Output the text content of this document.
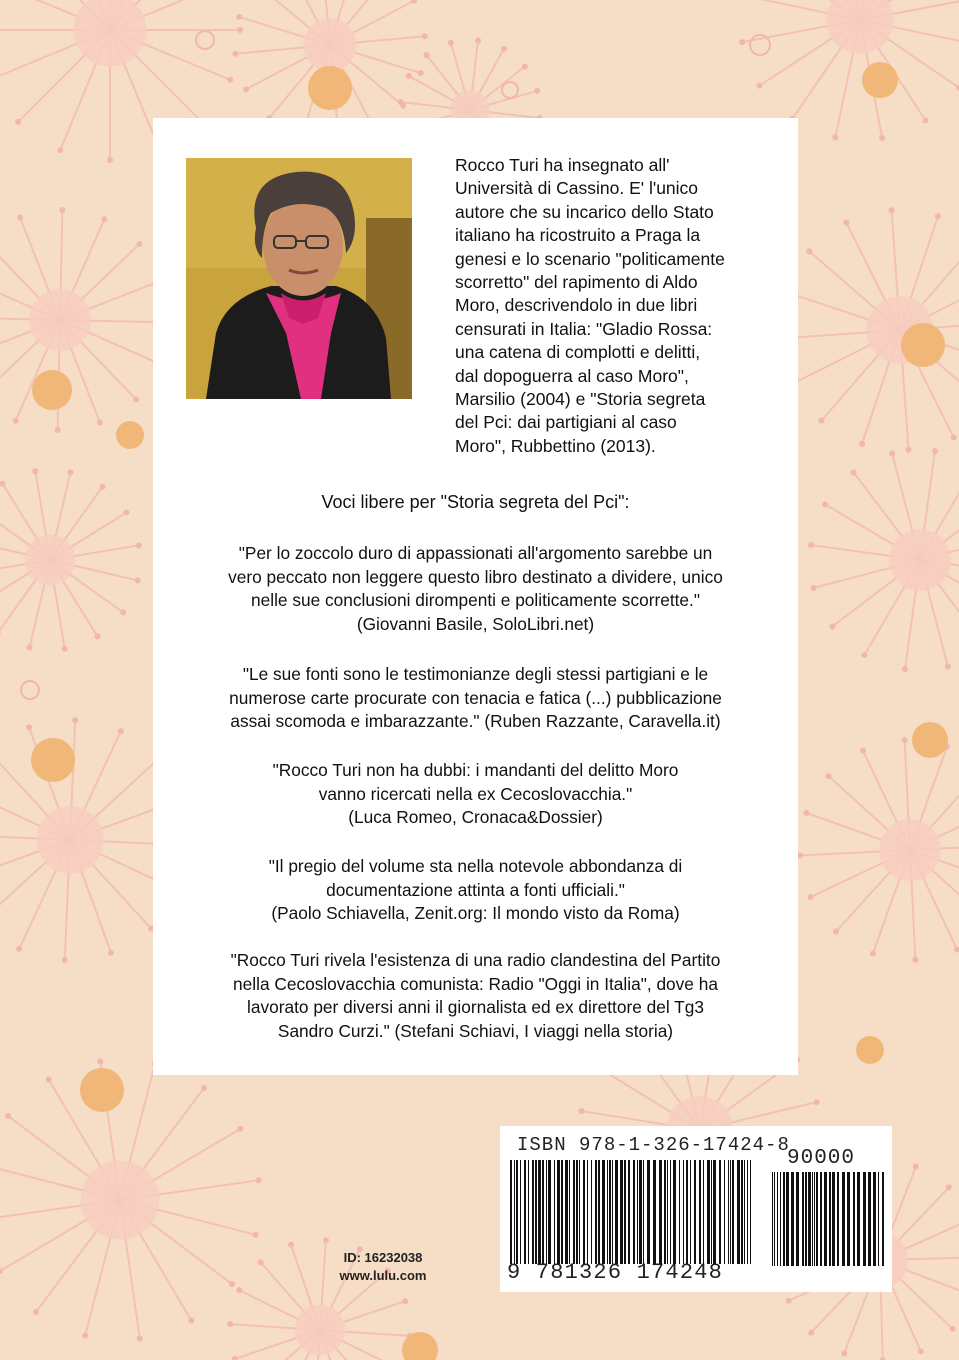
Rocco Turi ha insegnato all'
Università di Cassino. E' l'unico
autore che su incarico dello Stato
italiano ha ricostruito a Praga la
genesi e lo scenario "politicamente
scorretto" del rapimento di Aldo
Moro, descrivendolo in due libri
censurati in Italia: "Gladio Rossa:
una catena di complotti e delitti,
dal dopoguerra al caso Moro",
Marsilio (2004) e "Storia segreta
del Pci: dai partigiani al caso
Moro", Rubbettino (2013).

Voci libere per "Storia segreta del Pci":

"Per lo zoccolo duro di appassionati all'argomento sarebbe un
vero peccato non leggere questo libro destinato a dividere, unico
nelle sue conclusioni dirompenti e politicamente scorrette."
(Giovanni Basile, SoloLibri.net)

"Le sue fonti sono le testimonianze degli stessi partigiani e le
numerose carte procurate con tenacia e fatica (...) pubblicazione
assai scomoda e imbarazzante." (Ruben Razzante, Caravella.it)

"Rocco Turi non ha dubbi: i mandanti del delitto Moro
vanno ricercati nella ex Cecoslovacchia."
(Luca Romeo, Cronaca&Dossier)

"Il pregio del volume sta nella notevole abbondanza di
documentazione attinta a fonti ufficiali."
(Paolo Schiavella, Zenit.org: Il mondo visto da Roma)

"Rocco Turi rivela l'esistenza di una radio clandestina del Partito
nella Cecoslovacchia comunista: Radio "Oggi in Italia", dove ha
lavorato per diversi anni il giornalista ed ex direttore del Tg3
Sandro Curzi." (Stefani Schiavi, I viaggi nella storia)

ID: 16232038
www.lulu.com
ISBN 978-1-326-17424-8
90000
9 781326 174248
